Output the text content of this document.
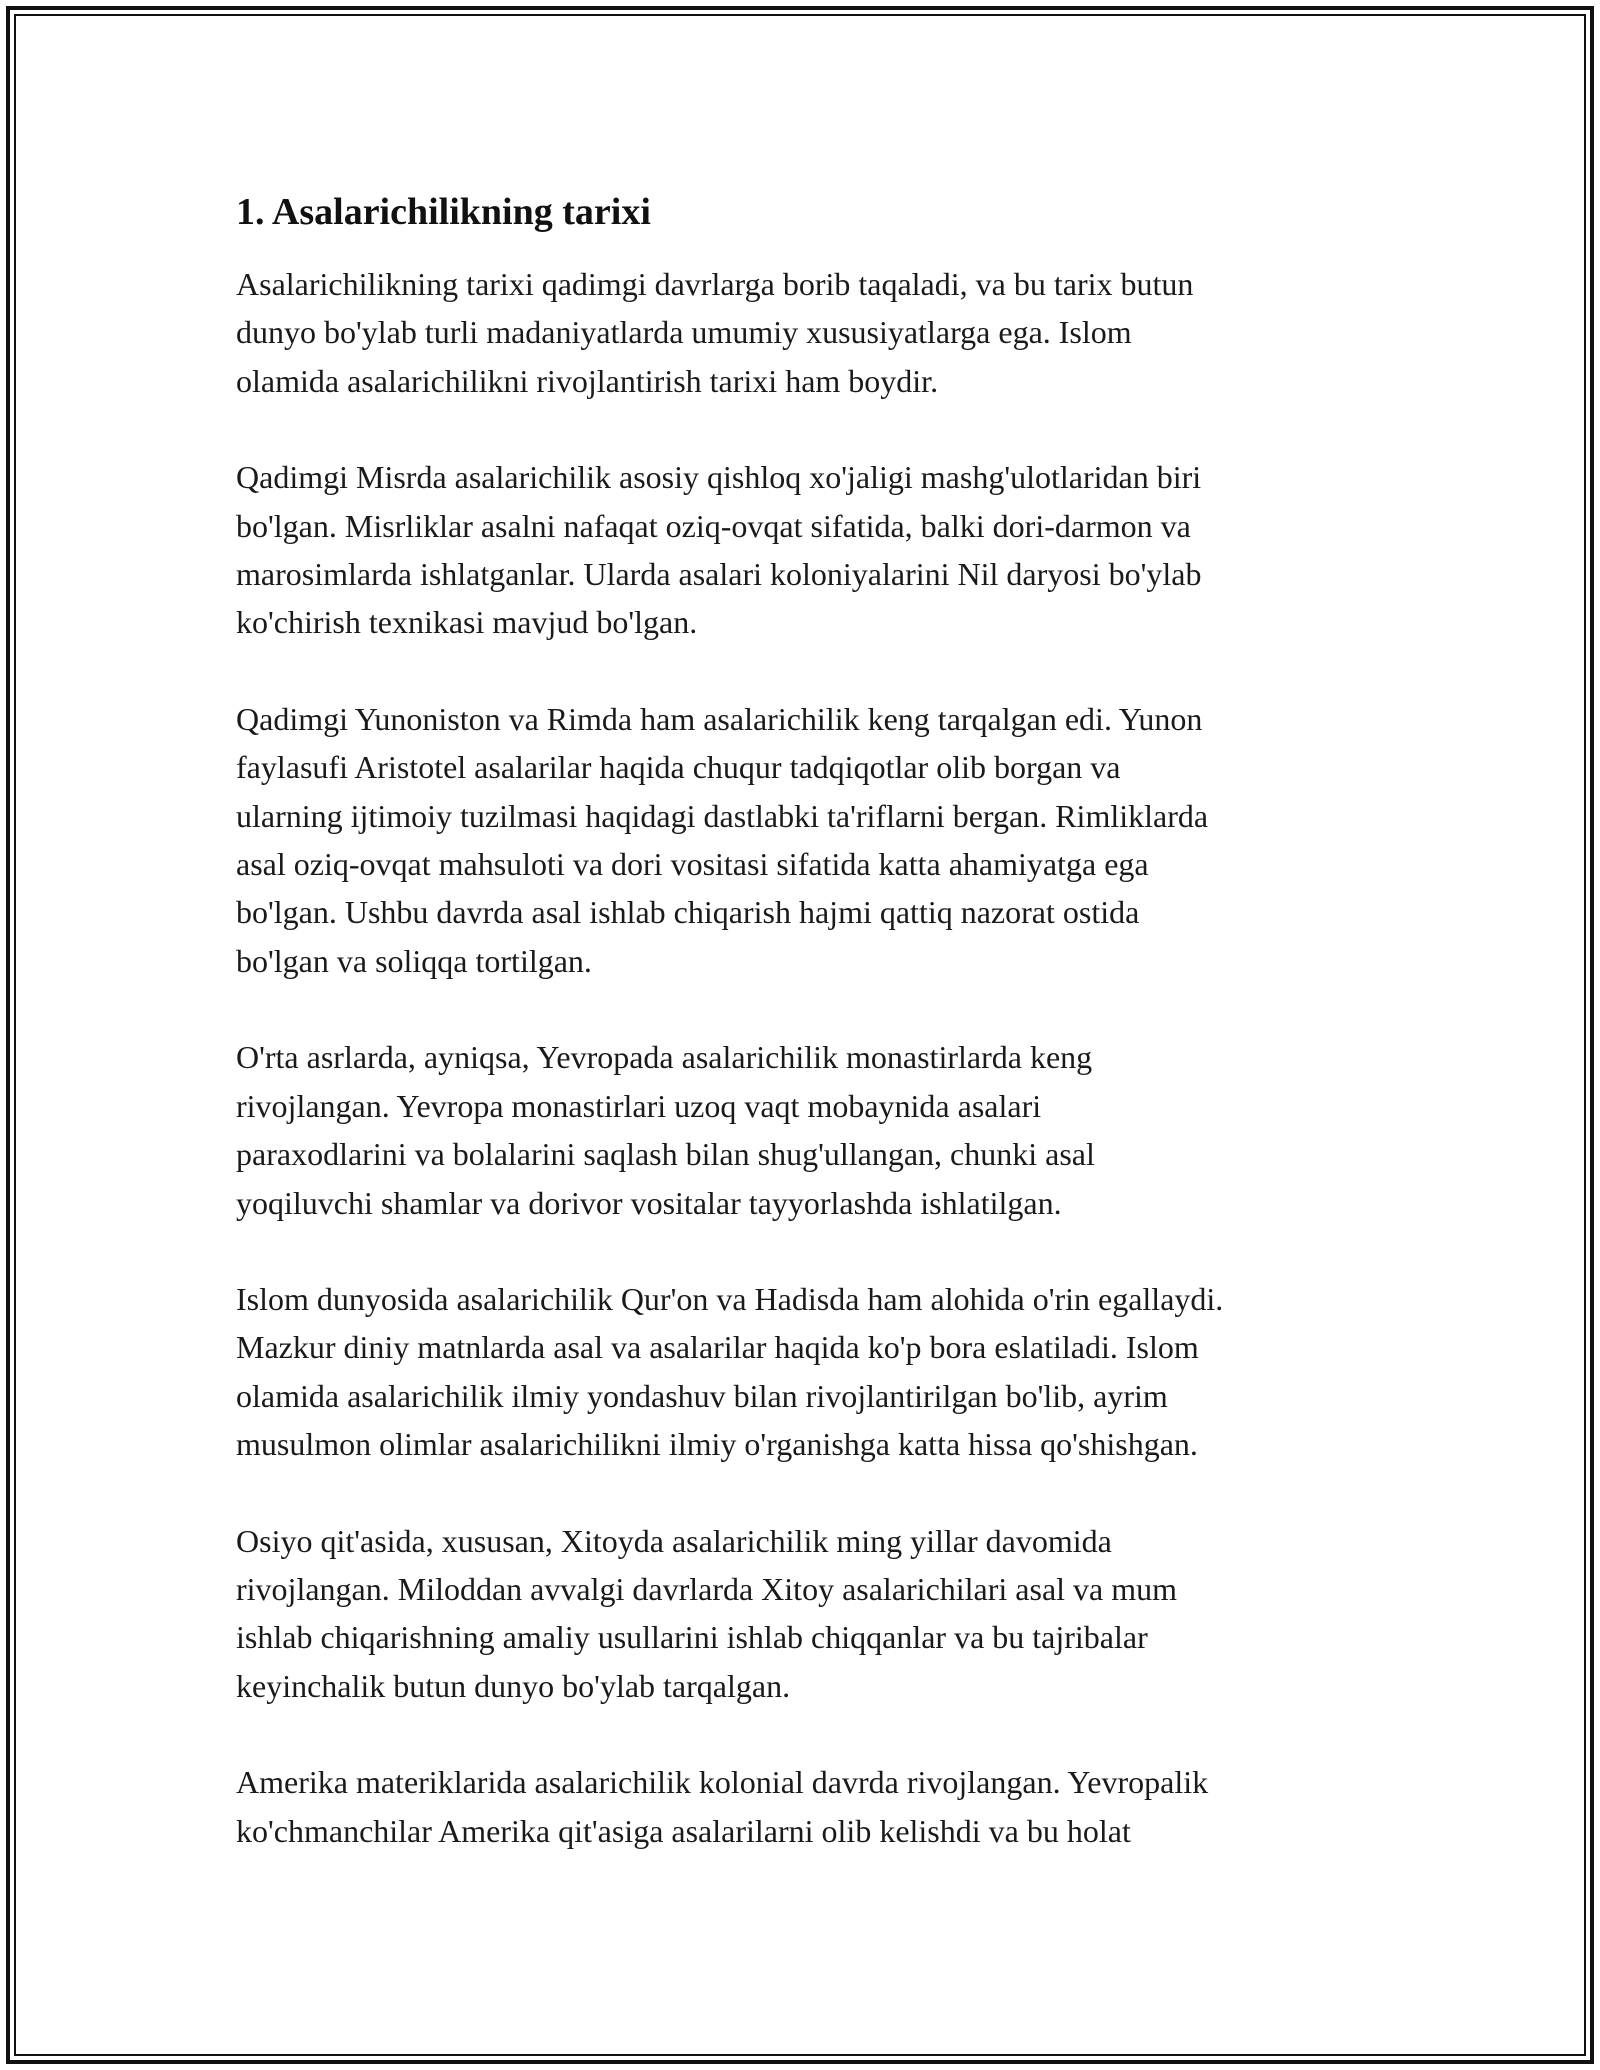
1. Asalarichilikning tarixi

Asalarichilikning tarixi qadimgi davrlarga borib taqaladi, va bu tarix butun
dunyo bo'ylab turli madaniyatlarda umumiy xususiyatlarga ega. Islom
olamida asalarichilikni rivojlantirish tarixi ham boydir.

Qadimgi Misrda asalarichilik asosiy qishloq xo'jaligi mashg'ulotlaridan biri
bo'lgan. Misrliklar asalni nafaqat oziq-ovqat sifatida, balki dori-darmon va
marosimlarda ishlatganlar. Ularda asalari koloniyalarini Nil daryosi bo'ylab
ko'chirish texnikasi mavjud bo'lgan.

Qadimgi Yunoniston va Rimda ham asalarichilik keng tarqalgan edi. Yunon
faylasufi Aristotel asalarilar haqida chuqur tadqiqotlar olib borgan va
ularning ijtimoiy tuzilmasi haqidagi dastlabki ta'riflarni bergan. Rimliklarda
asal oziq-ovqat mahsuloti va dori vositasi sifatida katta ahamiyatga ega
bo'lgan. Ushbu davrda asal ishlab chiqarish hajmi qattiq nazorat ostida
bo'lgan va soliqqa tortilgan.

O'rta asrlarda, ayniqsa, Yevropada asalarichilik monastirlarda keng
rivojlangan. Yevropa monastirlari uzoq vaqt mobaynida asalari
paraxodlarini va bolalarini saqlash bilan shug'ullangan, chunki asal
yoqiluvchi shamlar va dorivor vositalar tayyorlashda ishlatilgan.

Islom dunyosida asalarichilik Qur'on va Hadisda ham alohida o'rin egallaydi.
Mazkur diniy matnlarda asal va asalarilar haqida ko'p bora eslatiladi. Islom
olamida asalarichilik ilmiy yondashuv bilan rivojlantirilgan bo'lib, ayrim
musulmon olimlar asalarichilikni ilmiy o'rganishga katta hissa qo'shishgan.

Osiyo qit'asida, xususan, Xitoyda asalarichilik ming yillar davomida
rivojlangan. Miloddan avvalgi davrlarda Xitoy asalarichilari asal va mum
ishlab chiqarishning amaliy usullarini ishlab chiqqanlar va bu tajribalar
keyinchalik butun dunyo bo'ylab tarqalgan.

Amerika materiklarida asalarichilik kolonial davrda rivojlangan. Yevropalik
ko'chmanchilar Amerika qit'asiga asalarilarni olib kelishdi va bu holat
